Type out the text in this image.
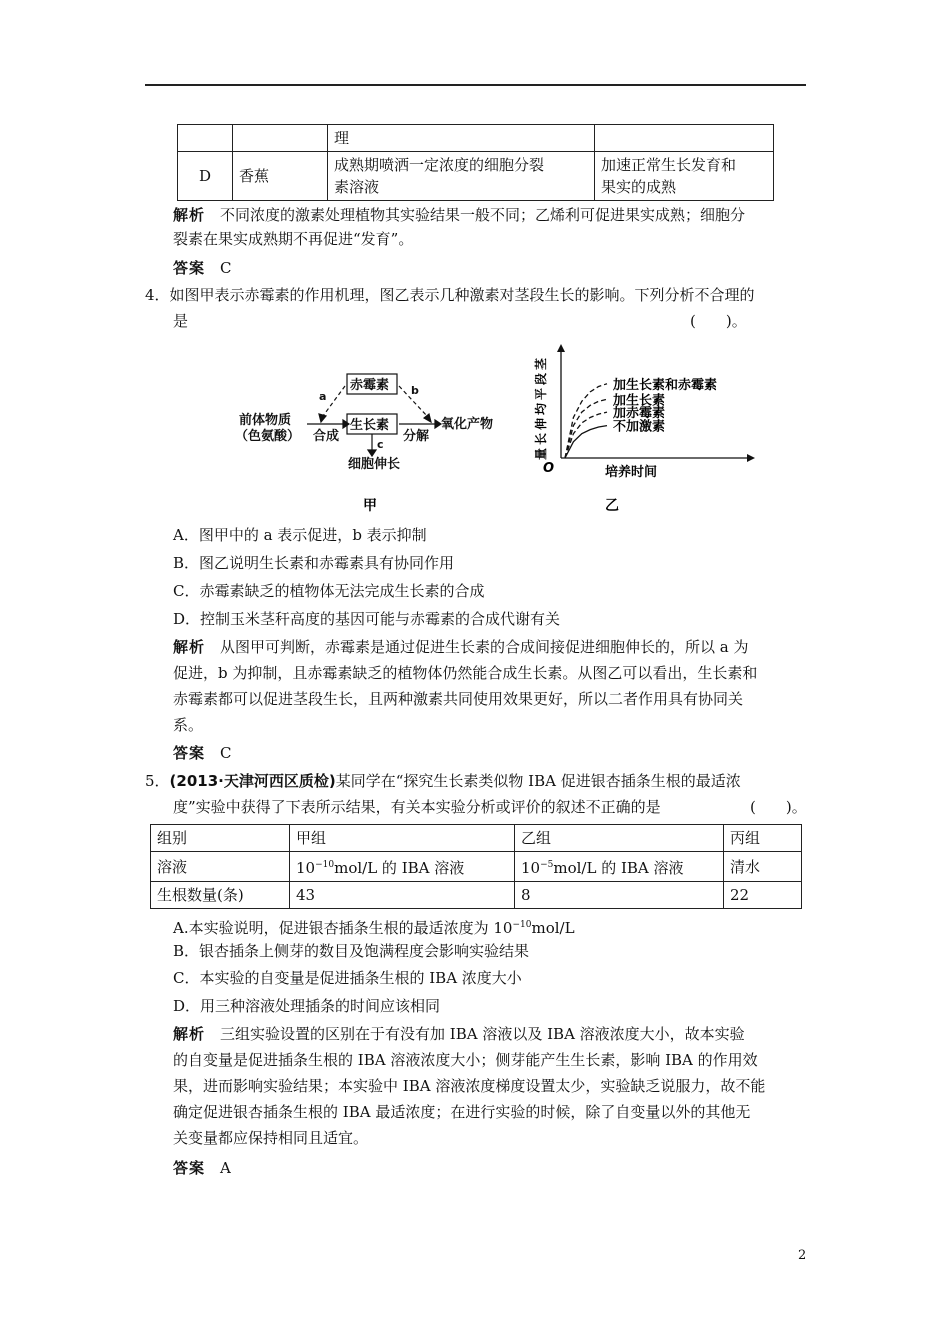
		理	
D	香蕉	成熟期喷洒一定浓度的细胞分裂
素溶液	加速正常生长发育和
果实的成熟
解析　 不同浓度的激素处理植物其实验结果一般不同；乙烯利可促进果实成熟；细胞分
裂素在果实成熟期不再促进“发育”。
答案　 C
4．如图甲表示赤霉素的作用机理，图乙表示几种激素对茎段生长的影响。下列分析不合理的
是	(　　)。
赤霉素
生长素
前体物质
（色氨酸） 合成	分解
氧化产物
细胞伸长
a	b
c
甲
茎
段
平
均
伸
长
量
O	培养时间
加生长素和赤霉素
加生长素
加赤霉素
不加激素
乙
A．图甲中的 a 表示促进，b 表示抑制
B．图乙说明生长素和赤霉素具有协同作用
C．赤霉素缺乏的植物体无法完成生长素的合成
D．控制玉米茎秆高度的基因可能与赤霉素的合成代谢有关
解析　 从图甲可判断，赤霉素是通过促进生长素的合成间接促进细胞伸长的，所以 a 为
促进，b 为抑制，且赤霉素缺乏的植物体仍然能合成生长素。从图乙可以看出，生长素和
赤霉素都可以促进茎段生长，且两种激素共同使用效果更好，所以二者作用具有协同关
系。
答案　 C
5．(2013·天津河西区质检)某同学在“探究生长素类似物 IBA 促进银杏插条生根的最适浓
度”实验中获得了下表所示结果，有关本实验分析或评价的叙述不正确的是	(　　)。
组别	甲组	乙组	丙组
溶液	$10^{-10}mol/L$ 的 IBA 溶液	$10^{-5}mol/L$ 的 IBA 溶液	清水
生根数量(条)	43	8	22
A.本实验说明，促进银杏插条生根的最适浓度为 $10^{-10}mol/L$
B．银杏插条上侧芽的数目及饱满程度会影响实验结果
C．本实验的自变量是促进插条生根的 IBA 浓度大小
D．用三种溶液处理插条的时间应该相同
解析　 三组实验设置的区别在于有没有加 IBA 溶液以及 IBA 溶液浓度大小，故本实验
的自变量是促进插条生根的 IBA 溶液浓度大小；侧芽能产生生长素，影响 IBA 的作用效
果，进而影响实验结果；本实验中 IBA 溶液浓度梯度设置太少，实验缺乏说服力，故不能
确定促进银杏插条生根的 IBA 最适浓度；在进行实验的时候，除了自变量以外的其他无
关变量都应保持相同且适宜。
答案　 A
2
